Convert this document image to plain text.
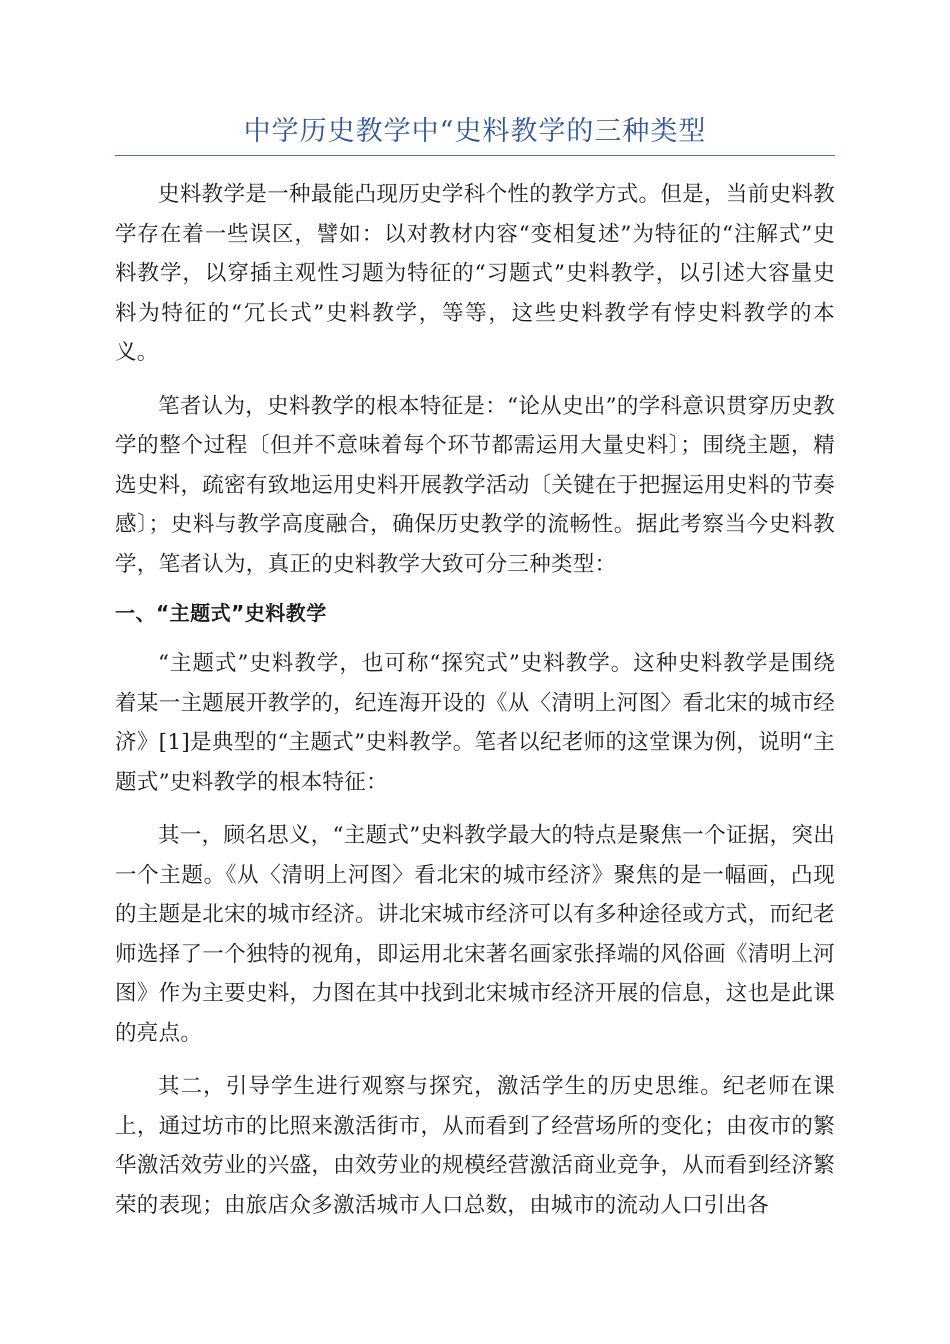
中学历史教学中“史料教学的三种类型

史料教学是一种最能凸现历史学科个性的教学方式。但是，当前史料教学存在着一些误区，譬如：以对教材内容“变相复述”为特征的“注解式”史料教学，以穿插主观性习题为特征的“习题式”史料教学，以引述大容量史料为特征的“冗长式”史料教学，等等，这些史料教学有悖史料教学的本义。

笔者认为，史料教学的根本特征是：“论从史出”的学科意识贯穿历史教学的整个过程〔但并不意味着每个环节都需运用大量史料〕；围绕主题，精选史料，疏密有致地运用史料开展教学活动〔关键在于把握运用史料的节奏感〕；史料与教学高度融合，确保历史教学的流畅性。据此考察当今史料教学，笔者认为，真正的史料教学大致可分三种类型：

一、“主题式”史料教学

“主题式”史料教学，也可称“探究式”史料教学。这种史料教学是围绕着某一主题展开教学的，纪连海开设的《从〈清明上河图〉看北宋的城市经济》[1]是典型的“主题式”史料教学。笔者以纪老师的这堂课为例，说明“主题式”史料教学的根本特征：

其一，顾名思义，“主题式”史料教学最大的特点是聚焦一个证据，突出一个主题。《从〈清明上河图〉看北宋的城市经济》聚焦的是一幅画，凸现的主题是北宋的城市经济。讲北宋城市经济可以有多种途径或方式，而纪老师选择了一个独特的视角，即运用北宋著名画家张择端的风俗画《清明上河图》作为主要史料，力图在其中找到北宋城市经济开展的信息，这也是此课的亮点。

其二，引导学生进行观察与探究，激活学生的历史思维。纪老师在课上，通过坊市的比照来激活街市，从而看到了经营场所的变化；由夜市的繁华激活效劳业的兴盛，由效劳业的规模经营激活商业竞争，从而看到经济繁荣的表现；由旅店众多激活城市人口总数，由城市的流动人口引出各
